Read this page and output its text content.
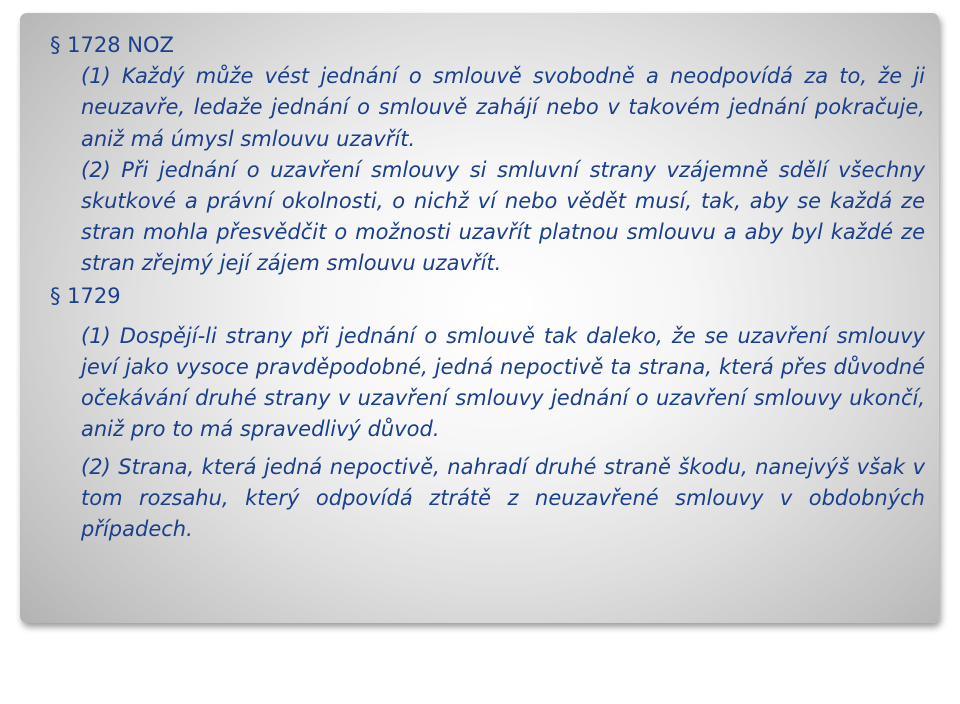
§ 1728 NOZ
(1) Každý může vést jednání o smlouvě svobodně a neodpovídá za to, že ji neuzavře, ledaže jednání o smlouvě zahájí nebo v takovém jednání pokračuje, aniž má úmysl smlouvu uzavřít.
(2) Při jednání o uzavření smlouvy si smluvní strany vzájemně sdělí všechny skutkové a právní okolnosti, o nichž ví nebo vědět musí, tak, aby se každá ze stran mohla přesvědčit o možnosti uzavřít platnou smlouvu a aby byl každé ze stran zřejmý její zájem smlouvu uzavřít.
§ 1729
(1) Dospějí-li strany při jednání o smlouvě tak daleko, že se uzavření smlouvy jeví jako vysoce pravděpodobné, jedná nepoctivě ta strana, která přes důvodné očekávání druhé strany v uzavření smlouvy jednání o uzavření smlouvy ukončí, aniž pro to má spravedlivý důvod.
(2) Strana, která jedná nepoctivě, nahradí druhé straně škodu, nanejvýš však v tom rozsahu, který odpovídá ztrátě z neuzavřené smlouvy v obdobných případech.
